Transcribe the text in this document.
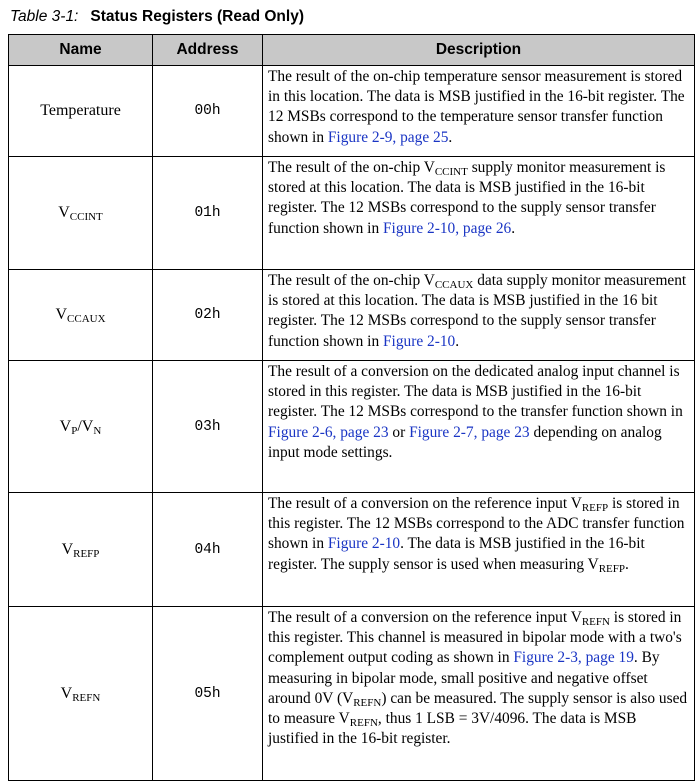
Table 3-1: Status Registers (Read Only)
Name	Address	Description
Temperature	00h	The result of the on-chip temperature sensor measurement is stored in this location. The data is MSB justified in the 16-bit register. The 12 MSBs correspond to the temperature sensor transfer function shown in Figure 2-9, page 25.
$V_{CCINT}$	01h	The result of the on-chip $V_{CCINT}$ supply monitor measurement is stored at this location. The data is MSB justified in the 16-bit register. The 12 MSBs correspond to the supply sensor transfer function shown in Figure 2-10, page 26.
$V_{CCAUX}$	02h	The result of the on-chip $V_{CCAUX}$ data supply monitor measurement is stored at this location. The data is MSB justified in the 16 bit register. The 12 MSBs correspond to the supply sensor transfer function shown in Figure 2-10.
$V_P/V_N$	03h	The result of a conversion on the dedicated analog input channel is stored in this register. The data is MSB justified in the 16-bit register. The 12 MSBs correspond to the transfer function shown in Figure 2-6, page 23 or Figure 2-7, page 23 depending on analog input mode settings.
$V_{REFP}$	04h	The result of a conversion on the reference input $V_{REFP}$ is stored in this register. The 12 MSBs correspond to the ADC transfer function shown in Figure 2-10. The data is MSB justified in the 16-bit register. The supply sensor is used when measuring $V_{REFP}$.
$V_{REFN}$	05h	The result of a conversion on the reference input $V_{REFN}$ is stored in this register. This channel is measured in bipolar mode with a two's complement output coding as shown in Figure 2-3, page 19. By measuring in bipolar mode, small positive and negative offset around 0V $(V_{REFN})$ can be measured. The supply sensor is also used to measure $V_{REFN}$, thus 1 LSB = 3V/4096. The data is MSB justified in the 16-bit register.
